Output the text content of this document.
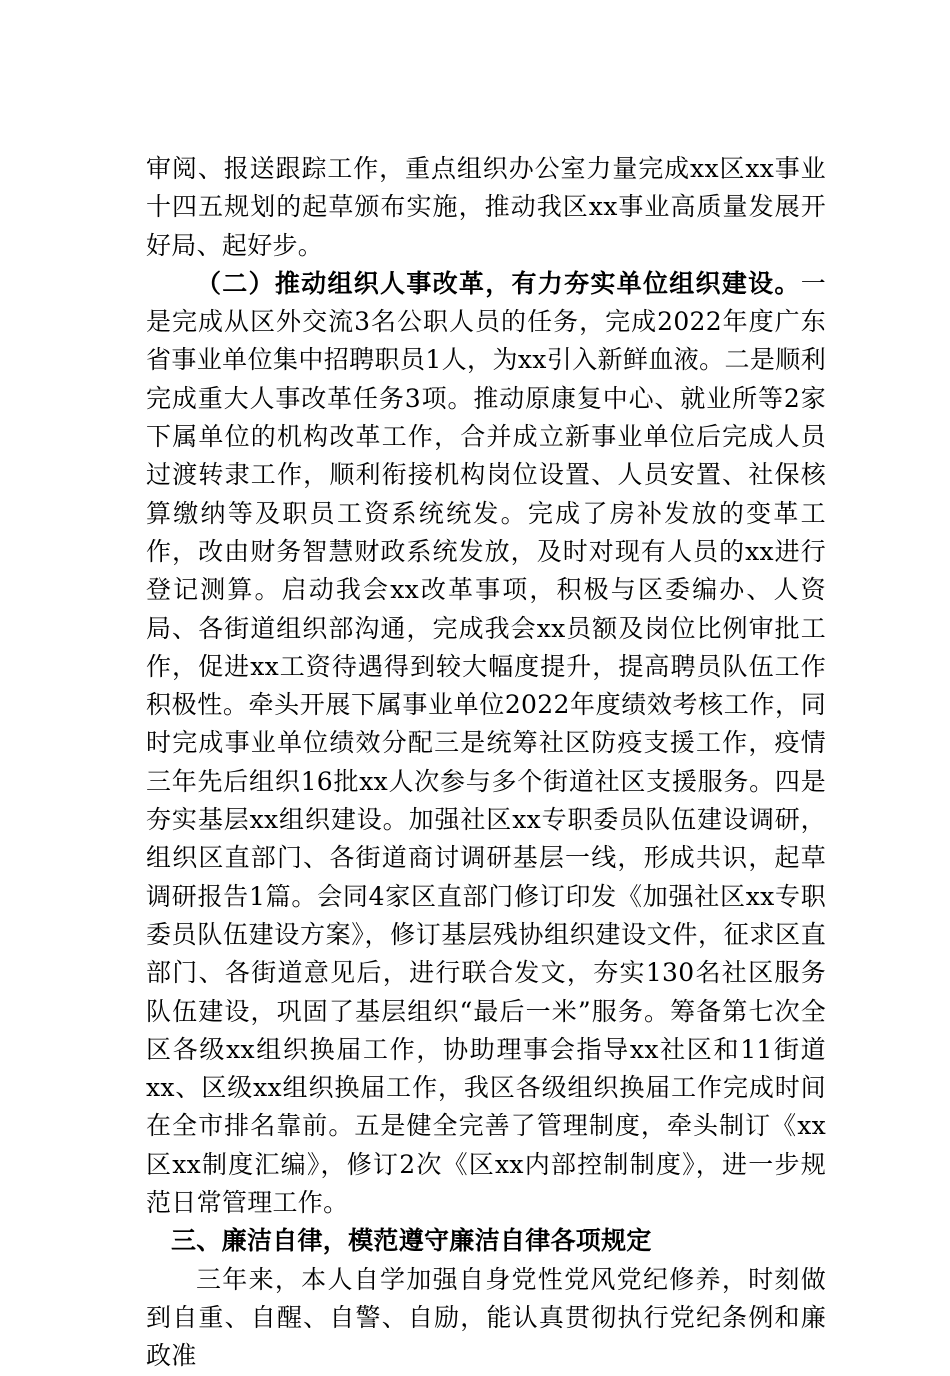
审阅、报送跟踪工作，重点组织办公室力量完成xx区xx事业十四五规划的起草颁布实施，推动我区xx事业高质量发展开好局、起好步。

（二）推动组织人事改革，有力夯实单位组织建设。一是完成从区外交流3名公职人员的任务，完成2022年度广东省事业单位集中招聘职员1人，为xx引入新鲜血液。二是顺利完成重大人事改革任务3项。推动原康复中心、就业所等2家下属单位的机构改革工作，合并成立新事业单位后完成人员过渡转隶工作，顺利衔接机构岗位设置、人员安置、社保核算缴纳等及职员工资系统统发。完成了房补发放的变革工作，改由财务智慧财政系统发放，及时对现有人员的xx进行登记测算。启动我会xx改革事项，积极与区委编办、人资局、各街道组织部沟通，完成我会xx员额及岗位比例审批工作，促进xx工资待遇得到较大幅度提升，提高聘员队伍工作积极性。牵头开展下属事业单位2022年度绩效考核工作，同时完成事业单位绩效分配三是统筹社区防疫支援工作，疫情三年先后组织16批xx人次参与多个街道社区支援服务。四是夯实基层xx组织建设。加强社区xx专职委员队伍建设调研，组织区直部门、各街道商讨调研基层一线，形成共识，起草调研报告1篇。会同4家区直部门修订印发《加强社区xx专职委员队伍建设方案》，修订基层残协组织建设文件，征求区直部门、各街道意见后，进行联合发文，夯实130名社区服务队伍建设，巩固了基层组织“最后一米”服务。筹备第七次全区各级xx组织换届工作，协助理事会指导xx社区和11街道xx、区级xx组织换届工作，我区各级组织换届工作完成时间在全市排名靠前。五是健全完善了管理制度，牵头制订《xx区xx制度汇编》，修订2次《区xx内部控制制度》，进一步规范日常管理工作。

三、廉洁自律，模范遵守廉洁自律各项规定

三年来，本人自学加强自身党性党风党纪修养，时刻做到自重、自醒、自警、自励，能认真贯彻执行党纪条例和廉政准
